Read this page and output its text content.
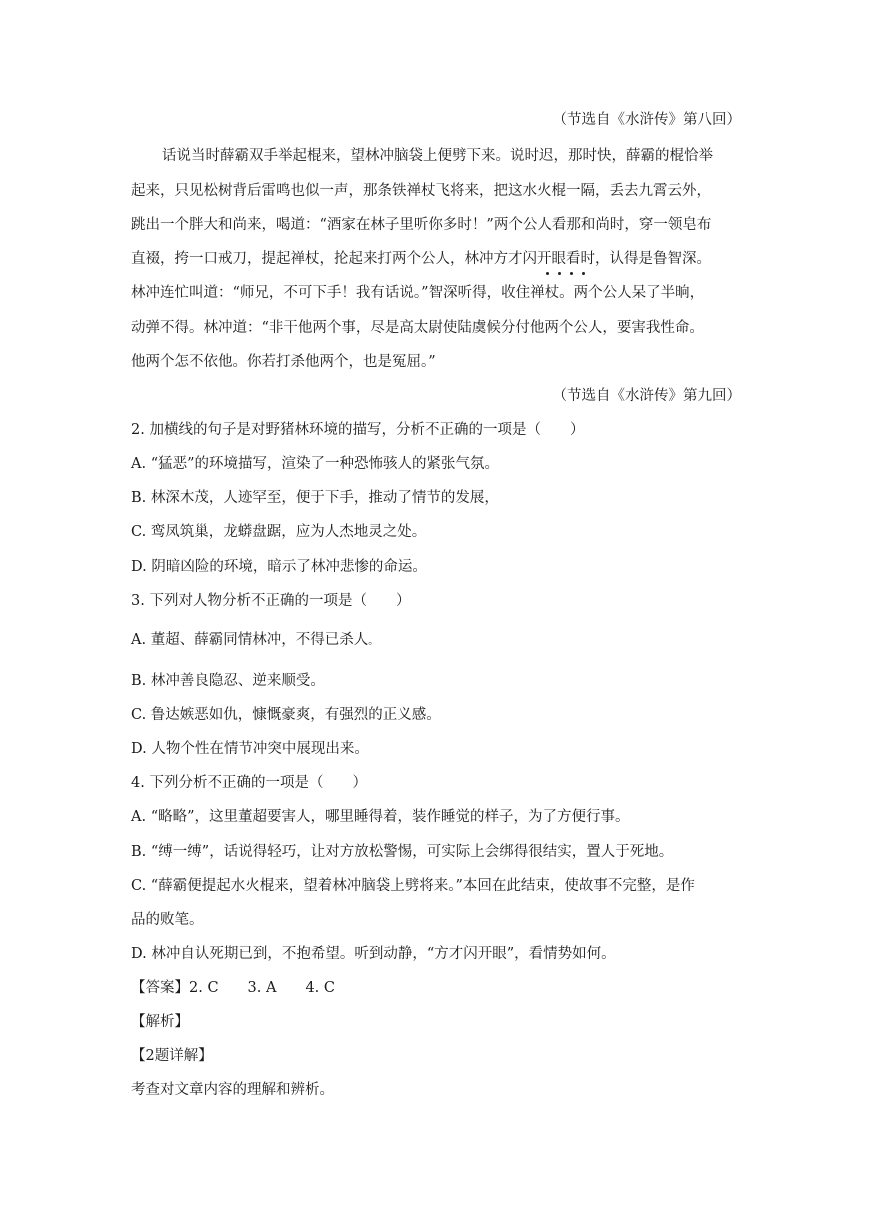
（节选自《水浒传》第八回）
话说当时薛霸双手举起棍来，望林冲脑袋上便劈下来。说时迟，那时快，薛霸的棍恰举
起来，只见松树背后雷鸣也似一声，那条铁禅杖飞将来，把这水火棍一隔，丢去九霄云外，
跳出一个胖大和尚来，喝道：“酒家在林子里听你多时！”两个公人看那和尚时，穿一领皂布
直裰，挎一口戒刀，提起禅杖，抡起来打两个公人，林冲方才闪开眼看时，认得是鲁智深。
林冲连忙叫道：“师兄，不可下手！我有话说。”智深听得，收住禅杖。两个公人呆了半晌，
动弹不得。林冲道：“非干他两个事，尽是高太尉使陆虞候分付他两个公人，要害我性命。
他两个怎不依他。你若打杀他两个，也是冤屈。”
（节选自《水浒传》第九回）
2. 加横线的句子是对野猪林环境的描写，分析不正确的一项是（　　）
A. “猛恶”的环境描写，渲染了一种恐怖骇人的紧张气氛。
B. 林深木茂，人迹罕至，便于下手，推动了情节的发展，
C. 鸾凤筑巢，龙蟒盘踞，应为人杰地灵之处。
D. 阴暗凶险的环境，暗示了林冲悲惨的命运。
3. 下列对人物分析不正确的一项是（　　）
A. 董超、薛霸同情林冲，不得已杀人。
B. 林冲善良隐忍、逆来顺受。
C. 鲁达嫉恶如仇，慷慨豪爽，有强烈的正义感。
D. 人物个性在情节冲突中展现出来。
4. 下列分析不正确的一项是（　　）
A. “略略”，这里董超要害人，哪里睡得着，装作睡觉的样子，为了方便行事。
B. “缚一缚”，话说得轻巧，让对方放松警惕，可实际上会绑得很结实，置人于死地。
C. “薛霸便提起水火棍来，望着林冲脑袋上劈将来。”本回在此结束，使故事不完整，是作
品的败笔。
D. 林冲自认死期已到，不抱希望。听到动静，“方才闪开眼”，看情势如何。
【答案】2. C　　3. A　　4. C
【解析】
【2题详解】
考查对文章内容的理解和辨析。
